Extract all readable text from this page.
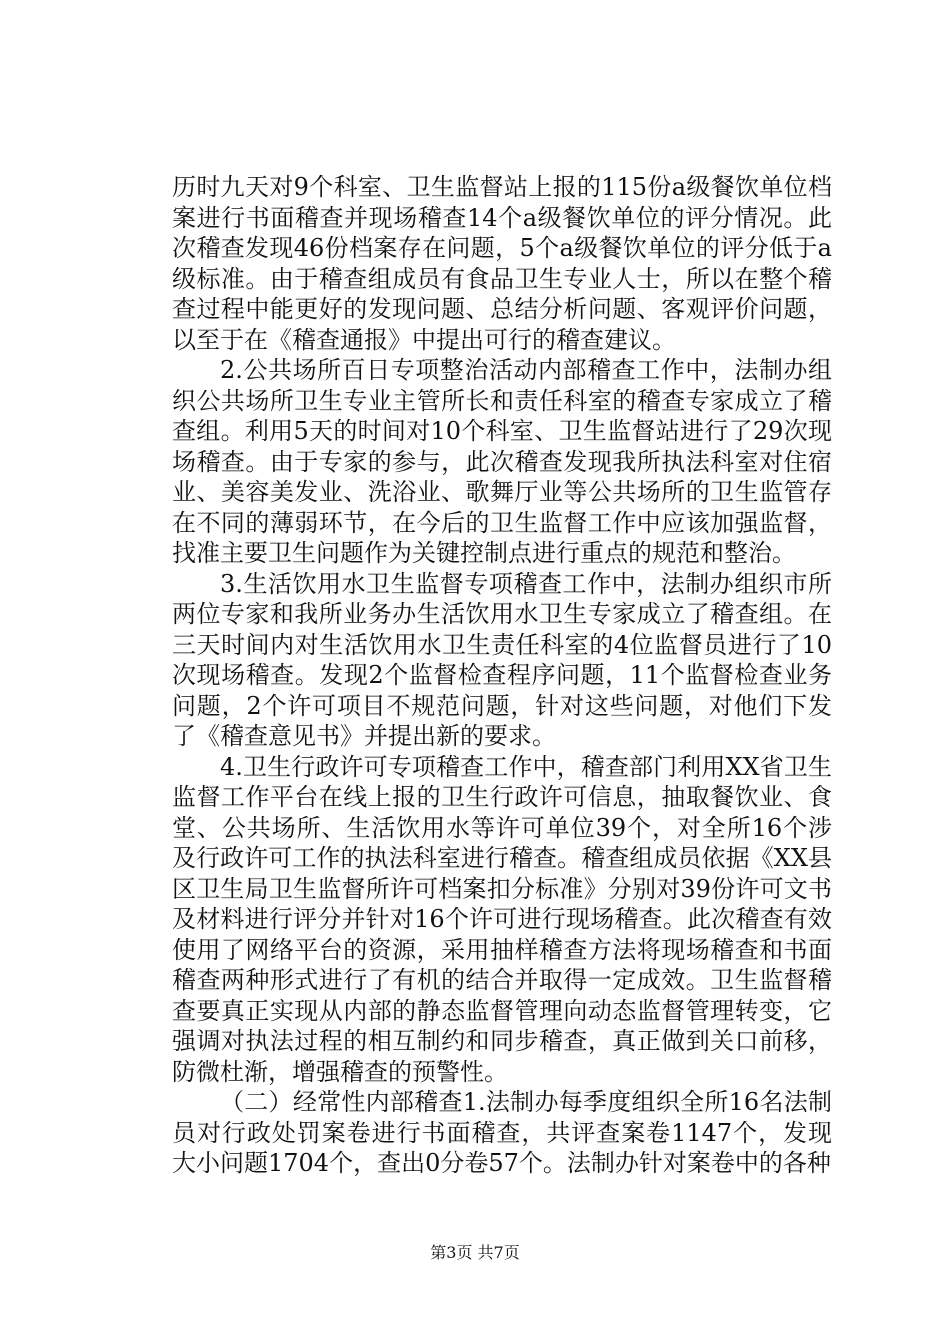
历时九天对9个科室、卫生监督站上报的115份a级餐饮单位档案进行书面稽查并现场稽查14个a级餐饮单位的评分情况。此次稽查发现46份档案存在问题，5个a级餐饮单位的评分低于a级标准。由于稽查组成员有食品卫生专业人士，所以在整个稽查过程中能更好的发现问题、总结分析问题、客观评价问题，以至于在《稽查通报》中提出可行的稽查建议。

2.公共场所百日专项整治活动内部稽查工作中，法制办组织公共场所卫生专业主管所长和责任科室的稽查专家成立了稽查组。利用5天的时间对10个科室、卫生监督站进行了29次现场稽查。由于专家的参与，此次稽查发现我所执法科室对住宿业、美容美发业、洗浴业、歌舞厅业等公共场所的卫生监管存在不同的薄弱环节，在今后的卫生监督工作中应该加强监督，找准主要卫生问题作为关键控制点进行重点的规范和整治。

3.生活饮用水卫生监督专项稽查工作中，法制办组织市所两位专家和我所业务办生活饮用水卫生专家成立了稽查组。在三天时间内对生活饮用水卫生责任科室的4位监督员进行了10次现场稽查。发现2个监督检查程序问题，11个监督检查业务问题，2个许可项目不规范问题，针对这些问题，对他们下发了《稽查意见书》并提出新的要求。

4.卫生行政许可专项稽查工作中，稽查部门利用XX省卫生监督工作平台在线上报的卫生行政许可信息，抽取餐饮业、食堂、公共场所、生活饮用水等许可单位39个，对全所16个涉及行政许可工作的执法科室进行稽查。稽查组成员依据《XX县区卫生局卫生监督所许可档案扣分标准》分别对39份许可文书及材料进行评分并针对16个许可进行现场稽查。此次稽查有效使用了网络平台的资源，采用抽样稽查方法将现场稽查和书面稽查两种形式进行了有机的结合并取得一定成效。卫生监督稽查要真正实现从内部的静态监督管理向动态监督管理转变，它强调对执法过程的相互制约和同步稽查，真正做到关口前移，防微杜渐，增强稽查的预警性。

（二）经常性内部稽查1.法制办每季度组织全所16名法制员对行政处罚案卷进行书面稽查，共评查案卷1147个，发现大小问题1704个，查出0分卷57个。法制办针对案卷中的各种

第3页 共7页
